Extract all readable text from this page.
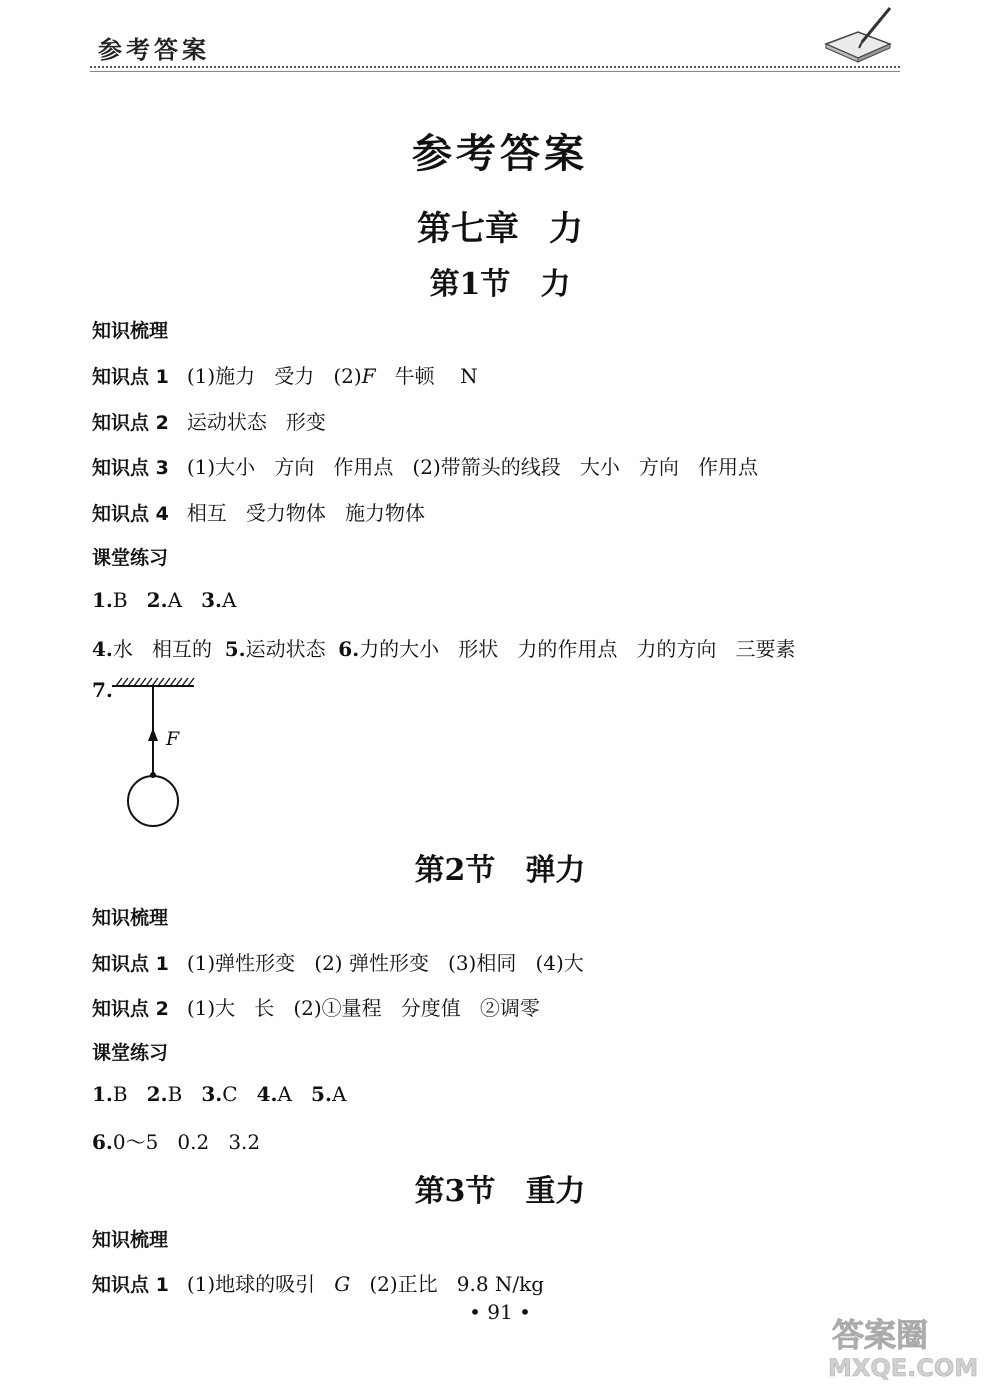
参考答案
参考答案
第七章 力
第1节 力
知识梳理
知识点 1 (1)施力 受力 (2)F 牛顿 N
知识点 2 运动状态 形变
知识点 3 (1)大小 方向 作用点 (2)带箭头的线段 大小 方向 作用点
知识点 4 相互 受力物体 施力物体
课堂练习
1.B 2.A 3.A
4.水 相互的 5.运动状态 6.力的大小 形状 力的作用点 力的方向 三要素
7.
F
第2节 弹力
知识梳理
知识点 1 (1)弹性形变 (2) 弹性形变 (3)相同 (4)大
知识点 2 (1)大 长 (2)①量程 分度值 ②调零
课堂练习
1.B 2.B 3.C 4.A 5.A
6.0～5 0.2 3.2
第3节 重力
知识梳理
知识点 1 (1)地球的吸引 G (2)正比 9.8 N/kg
• 91 •
答案圈
MXQE.COM
